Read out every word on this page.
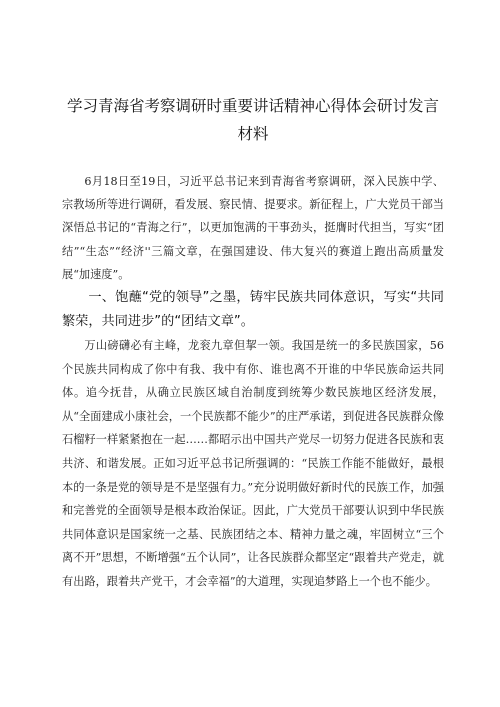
学习青海省考察调研时重要讲话精神心得体会研讨发言材料

6月18日至19日，习近平总书记来到青海省考察调研，深入民族中学、宗教场所等进行调研，看发展、察民情、提要求。新征程上，广大党员干部当深悟总书记的“青海之行”，以更加饱满的干事劲头，挺膺时代担当，写实“团结”“生态”“经济''三篇文章，在强国建设、伟大复兴的赛道上跑出高质量发展“加速度”。

一、饱蘸“党的领导”之墨，铸牢民族共同体意识，写实“共同繁荣，共同进步”的“团结文章”。

万山磅礴必有主峰，龙衮九章但挈一领。我国是统一的多民族国家，56个民族共同构成了你中有我、我中有你、谁也离不开谁的中华民族命运共同体。追今抚昔，从确立民族区域自治制度到统筹少数民族地区经济发展，从“全面建成小康社会，一个民族都不能少”的庄严承诺，到促进各民族群众像石榴籽一样紧紧抱在一起……都昭示出中国共产党尽一切努力促进各民族和衷共济、和谐发展。正如习近平总书记所强调的：“民族工作能不能做好，最根本的一条是党的领导是不是坚强有力。”充分说明做好新时代的民族工作，加强和完善党的全面领导是根本政治保证。因此，广大党员干部要认识到中华民族共同体意识是国家统一之基、民族团结之本、精神力量之魂，牢固树立“三个离不开”思想，不断增强“五个认同”，让各民族群众都坚定“跟着共产党走，就有出路，跟着共产党干，才会幸福”的大道理，实现追梦路上一个也不能少。
